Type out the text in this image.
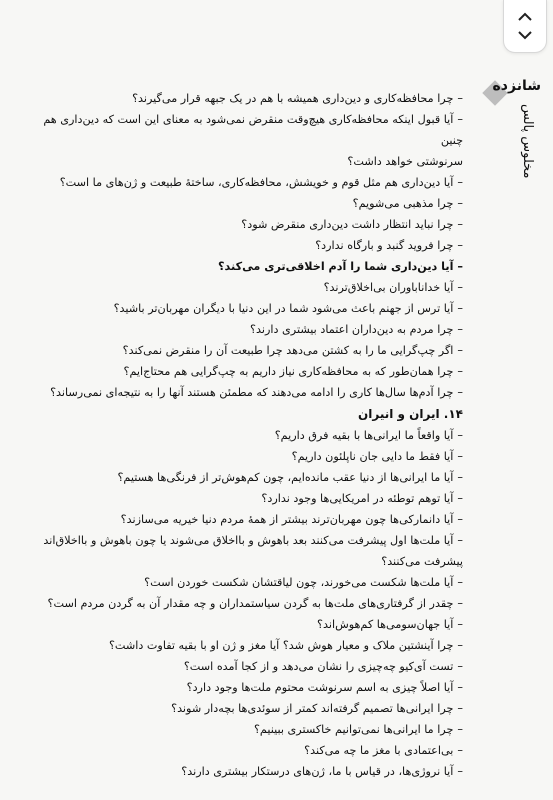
شانزده
مخلوس پالس

–چرا محافظه‌کاری و دین‌داری همیشه با هم در یک جبهه قرار می‌گیرند؟

–آیا قبول اینکه محافظه‌کاری هیچ‌وقت منقرض نمی‌شود به معنای این است که دین‌داری هم چنین
سرنوشتی خواهد داشت؟

–آیا دین‌داری هم مثل قوم و خویشش، محافظه‌کاری، ساختهٔ طبیعت و ژن‌های ما است؟

–چرا مذهبی می‌شویم؟

–چرا نباید انتظار داشت دین‌داری منقرض شود؟

–چرا فروید گنبد و بارگاه ندارد؟

–آیا دین‌داری شما را آدم اخلاقی‌تری می‌کند؟

–آیا خداناباوران بی‌اخلاق‌ترند؟

–آیا ترس از جهنم باعث می‌شود شما در این دنیا با دیگران مهربان‌تر باشید؟

–چرا مردم به دین‌داران اعتماد بیشتری دارند؟

–اگر چپ‌گرایی ما را به کشتن می‌دهد چرا طبیعت آن را منقرض نمی‌کند؟

–چرا همان‌طور که به محافظه‌کاری نیاز داریم به چپ‌گرایی هم محتاج‌ایم؟

–چرا آدم‌ها سال‌ها کاری را ادامه می‌دهند که مطمئن هستند آنها را به نتیجه‌ای نمی‌رساند؟

۱۴. ایران و انیران

–آیا واقعاً ما ایرانی‌ها با بقیه فرق داریم؟

–آیا فقط ما دایی جان ناپلئون داریم؟

–آیا ما ایرانی‌ها از دنیا عقب مانده‌ایم، چون کم‌هوش‌تر از فرنگی‌ها هستیم؟

–آیا توهم توطئه در امریکایی‌ها وجود ندارد؟

–آیا دانمارکی‌ها چون مهربان‌ترند بیشتر از همهٔ مردم دنیا خیریه می‌سازند؟

–آیا ملت‌ها اول پیشرفت می‌کنند بعد باهوش و بااخلاق می‌شوند یا چون باهوش و بااخلاق‌اند
پیشرفت می‌کنند؟

–آیا ملت‌ها شکست می‌خورند، چون لیاقتشان شکست خوردن است؟

–چقدر از گرفتاری‌های ملت‌ها به گردن سیاستمداران و چه مقدار آن به گردن مردم است؟

–آیا جهان‌سومی‌ها کم‌هوش‌اند؟

–چرا آینشتین ملاک و معیار هوش شد؟ آیا مغز و ژن او با بقیه تفاوت داشت؟

–تست آی‌کیو چه‌چیزی را نشان می‌دهد و از کجا آمده است؟

–آیا اصلاً چیزی به اسم سرنوشت محتوم ملت‌ها وجود دارد؟

–چرا ایرانی‌ها تصمیم گرفته‌اند کمتر از سوئدی‌ها بچه‌دار شوند؟

–چرا ما ایرانی‌ها نمی‌توانیم خاکستری ببینیم؟

–بی‌اعتمادی با مغز ما چه می‌کند؟

–آیا نروژی‌ها، در قیاس با ما، ژن‌های درستکار بیشتری دارند؟
